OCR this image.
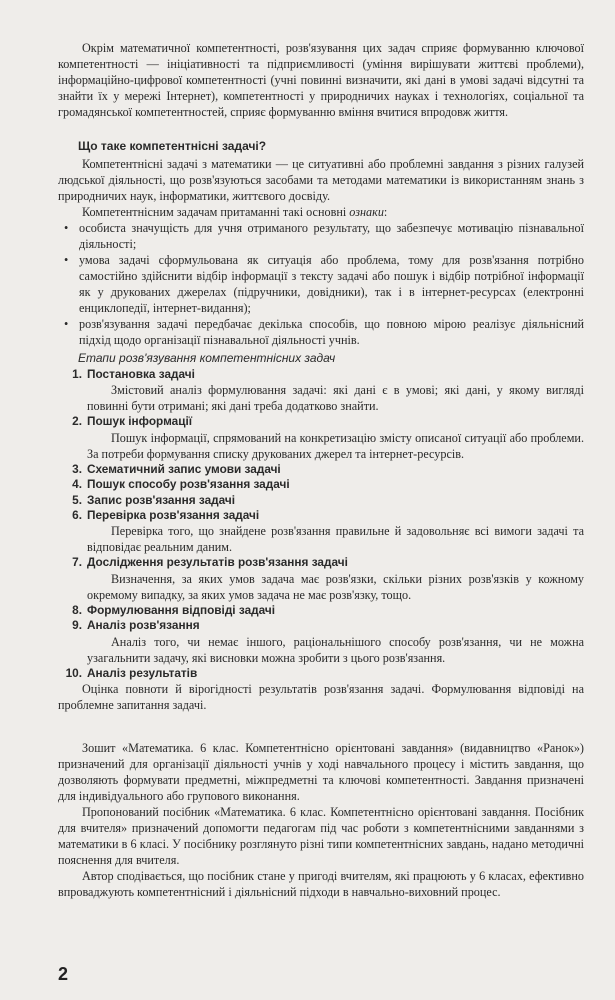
Окрім математичної компетентності, розв'язування цих задач сприяє формуванню ключової компетентності — ініціативності та підприємливості (уміння вирішувати життєві проблеми), інформаційно-цифрової компетентності (учні повинні визначити, які дані в умові задачі відсутні та знайти їх у мережі Інтернет), компетентності у природничих науках і технологіях, соціальної та громадянської компетентностей, сприяє формуванню вміння вчитися впродовж життя.

Що таке компетентнісні задачі?

Компетентнісні задачі з математики — це ситуативні або проблемні завдання з різних галузей людської діяльності, що розв'язуються засобами та методами математики із використанням знань з природничих наук, інформатики, життєвого досвіду.

Компетентнісним задачам притаманні такі основні ознаки:

• особиста значущість для учня отриманого результату, що забезпечує мотивацію пізнавальної діяльності;
• умова задачі сформульована як ситуація або проблема, тому для розв'язання потрібно самостійно здійснити відбір інформації з тексту задачі або пошук і відбір потрібної інформації як у друкованих джерелах (підручники, довідники), так і в інтернет-ресурсах (електронні енциклопедії, інтернет-видання);
• розв'язування задачі передбачає декілька способів, що повною мірою реалізує діяльнісний підхід щодо організації пізнавальної діяльності учнів.
Етапи розв'язування компетентнісних задач
1. Постановка задачі
Змістовий аналіз формулювання задачі: які дані є в умові; які дані, у якому вигляді повинні бути отримані; які дані треба додатково знайти.
2. Пошук інформації
Пошук інформації, спрямований на конкретизацію змісту описаної ситуації або проблеми. За потреби формування списку друкованих джерел та інтернет-ресурсів.
3. Схематичний запис умови задачі
4. Пошук способу розв'язання задачі
5. Запис розв'язання задачі
6. Перевірка розв'язання задачі
Перевірка того, що знайдене розв'язання правильне й задовольняє всі вимоги задачі та відповідає реальним даним.
7. Дослідження результатів розв'язання задачі
Визначення, за яких умов задача має розв'язки, скільки різних розв'язків у кожному окремому випадку, за яких умов задача не має розв'язку, тощо.
8. Формулювання відповіді задачі
9. Аналіз розв'язання
Аналіз того, чи немає іншого, раціональнішого способу розв'язання, чи не можна узагальнити задачу, які висновки можна зробити з цього розв'язання.
10. Аналіз результатів

Оцінка повноти й вірогідності результатів розв'язання задачі. Формулювання відповіді на проблемне запитання задачі.

Зошит «Математика. 6 клас. Компетентнісно орієнтовані завдання» (видавництво «Ранок») призначений для організації діяльності учнів у ході навчального процесу і містить завдання, що дозволяють формувати предметні, міжпредметні та ключові компетентності. Завдання призначені для індивідуального або групового виконання.

Пропонований посібник «Математика. 6 клас. Компетентнісно орієнтовані завдання. Посібник для вчителя» призначений допомогти педагогам під час роботи з компетентнісними завданнями з математики в 6 класі. У посібнику розглянуто різні типи компетентнісних завдань, надано методичні пояснення для вчителя.

Автор сподівається, що посібник стане у пригоді вчителям, які працюють у 6 класах, ефективно впроваджують компетентнісний і діяльнісний підходи в навчально-виховний процес.

2
